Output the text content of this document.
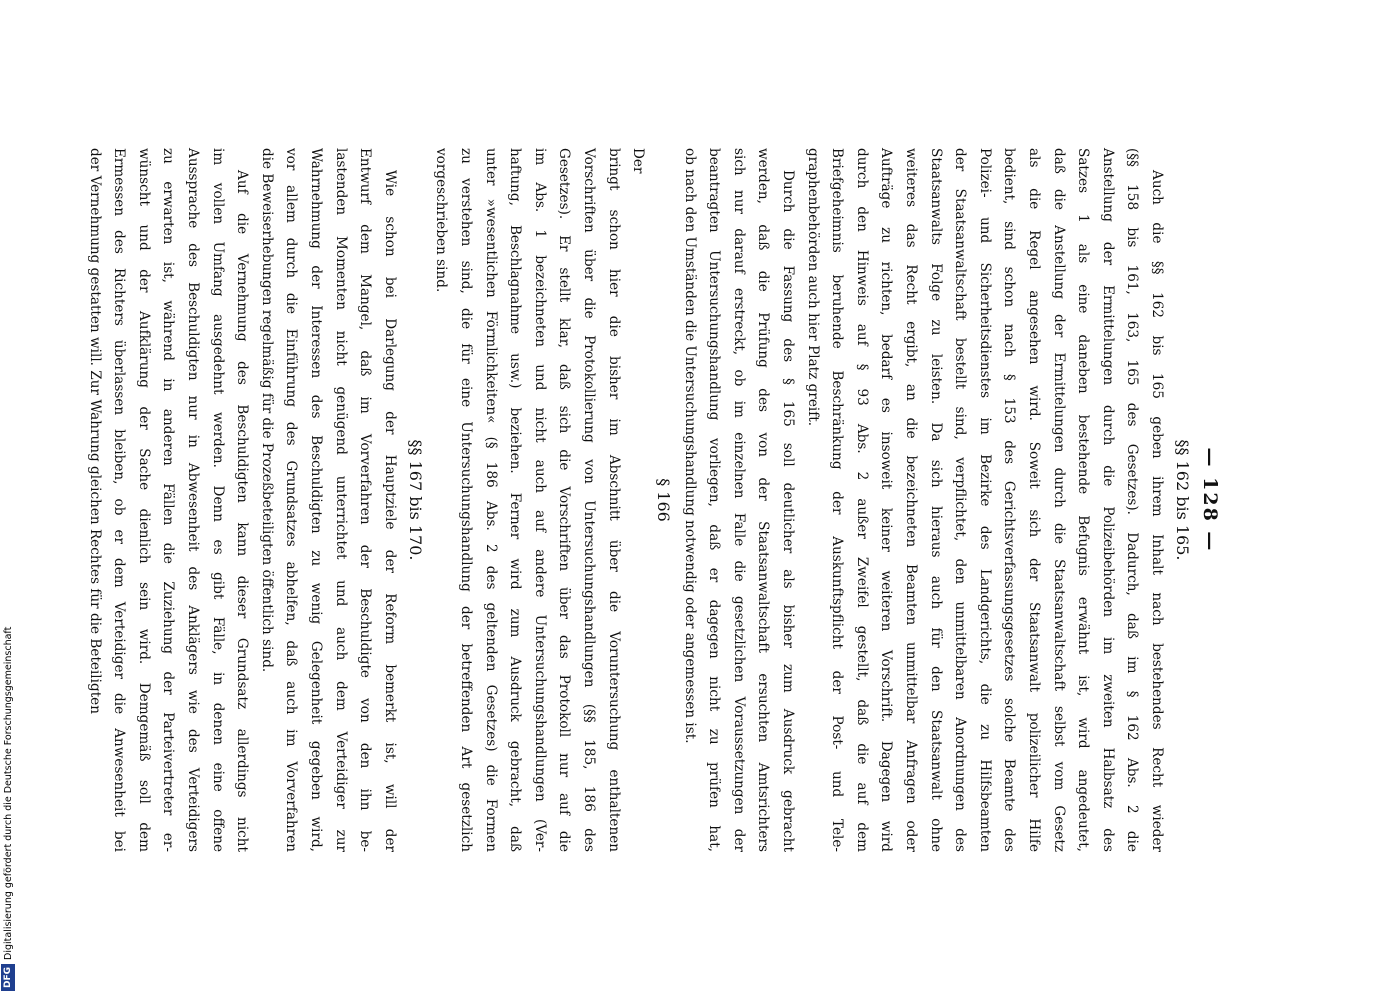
— 128 —
§§ 162 bis 165.
Auch die §§ 162 bis 165 geben ihrem Inhalt nach bestehendes Recht wieder
(§§ 158 bis 161, 163, 165 des Gesetzes). Dadurch, daß im § 162 Abs. 2 die
Anstellung der Ermittelungen durch die Polizeibehörden im zweiten Halbsatz des
Satzes 1 als eine daneben bestehende Befugnis erwähnt ist, wird angedeutet,
daß die Anstellung der Ermittelungen durch die Staatsanwaltschaft selbst vom Gesetz
als die Regel angesehen wird. Soweit sich der Staatsanwalt polizeilicher Hilfe
bedient, sind schon nach § 153 des Gerichtsverfassungsgesetzes solche Beamte des
Polizei- und Sicherheitsdienstes im Bezirke des Landgerichts, die zu Hilfsbeamten
der Staatsanwaltschaft bestellt sind, verpflichtet, den unmittelbaren Anordnungen des
Staatsanwalts Folge zu leisten. Da sich hieraus auch für den Staatsanwalt ohne
weiteres das Recht ergibt, an die bezeichneten Beamten unmittelbar Anfragen oder
Aufträge zu richten, bedarf es insoweit keiner weiteren Vorschrift. Dagegen wird
durch den Hinweis auf § 93 Abs. 2 außer Zweifel gestellt, daß die auf dem
Briefgeheimnis beruhende Beschränkung der Auskunftspflicht der Post- und Tele-
graphenbehörden auch hier Platz greift.
Durch die Fassung des § 165 soll deutlicher als bisher zum Ausdruck gebracht
werden, daß die Prüfung des von der Staatsanwaltschaft ersuchten Amtsrichters
sich nur darauf erstreckt, ob im einzelnen Falle die gesetzlichen Voraussetzungen der
beantragten Untersuchungshandlung vorliegen, daß er dagegen nicht zu prüfen hat,
ob nach den Umständen die Untersuchungshandlung notwendig oder angemessen ist.
§ 166
Der
bringt schon hier die bisher im Abschnitt über die Voruntersuchung enthaltenen
Vorschriften über die Protokollierung von Untersuchungshandlungen (§§ 185, 186 des
Gesetzes). Er stellt klar, daß sich die Vorschriften über das Protokoll nur auf die
im Abs. 1 bezeichneten und nicht auch auf andere Untersuchungshandlungen (Ver-
haftung, Beschlagnahme usw.) beziehen. Ferner wird zum Ausdruck gebracht, daß
unter »wesentlichen Förmlichkeiten« (§ 186 Abs. 2 des geltenden Gesetzes) die Formen
zu verstehen sind, die für eine Untersuchungshandlung der betreffenden Art gesetzlich
vorgeschrieben sind.
§§ 167 bis 170.
Wie schon bei Darlegung der Hauptziele der Reform bemerkt ist, will der
Entwurf dem Mangel, daß im Vorverfahren der Beschuldigte von den ihn be-
lastenden Momenten nicht genügend unterrichtet und auch dem Verteidiger zur
Wahrnehmung der Interessen des Beschuldigten zu wenig Gelegenheit gegeben wird,
vor allem durch die Einführung des Grundsatzes abhelfen, daß auch im Vorverfahren
die Beweiserhebungen regelmäßig für die Prozeßbeteiligten öffentlich sind.
Auf die Vernehmung des Beschuldigten kann dieser Grundsatz allerdings nicht
im vollen Umfang ausgedehnt werden. Denn es gibt Fälle, in denen eine offene
Aussprache des Beschuldigten nur in Abwesenheit des Anklägers wie des Verteidigers
zu erwarten ist, während in anderen Fällen die Zuziehung der Parteivertreter er-
wünscht und der Aufklärung der Sache dienlich sein wird. Demgemäß soll dem
Ermessen des Richters überlassen bleiben, ob er dem Verteidiger die Anwesenheit bei
der Vernehmung gestatten will. Zur Wahrung gleichen Rechtes für die Beteiligten
DFG
Digitalisierung gefördert durch die Deutsche Forschungsgemeinschaft
